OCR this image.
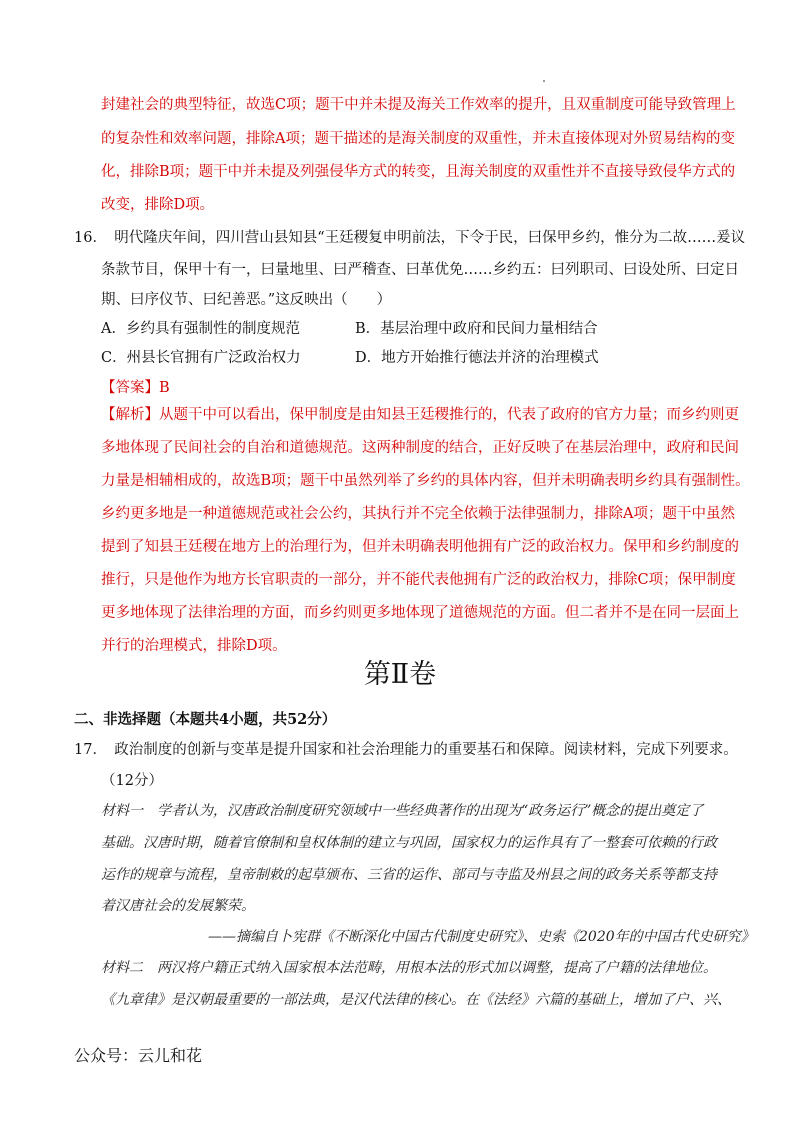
封建社会的典型特征，故选C项；题干中并未提及海关工作效率的提升，且双重制度可能导致管理上
的复杂性和效率问题，排除A项；题干描述的是海关制度的双重性，并未直接体现对外贸易结构的变
化，排除B项；题干中并未提及列强侵华方式的转变，且海关制度的双重性并不直接导致侵华方式的
改变，排除D项。
16．　明代隆庆年间，四川营山县知县“王廷稷复申明前法，下令于民，曰保甲乡约，惟分为二故……爰议
条款节目，保甲十有一，曰量地里、曰严稽查、曰革优免……乡约五：曰列职司、曰设处所、曰定日
期、曰序仪节、曰纪善恶。”这反映出（　　）
A．乡约具有强制性的制度规范	B．基层治理中政府和民间力量相结合
C．州县长官拥有广泛政治权力	D．地方开始推行德法并济的治理模式
【答案】B
【解析】从题干中可以看出，保甲制度是由知县王廷稷推行的，代表了政府的官方力量；而乡约则更
多地体现了民间社会的自治和道德规范。这两种制度的结合，正好反映了在基层治理中，政府和民间
力量是相辅相成的，故选B项；题干中虽然列举了乡约的具体内容，但并未明确表明乡约具有强制性。
乡约更多地是一种道德规范或社会公约，其执行并不完全依赖于法律强制力，排除A项；题干中虽然
提到了知县王廷稷在地方上的治理行为，但并未明确表明他拥有广泛的政治权力。保甲和乡约制度的
推行，只是他作为地方长官职责的一部分，并不能代表他拥有广泛的政治权力，排除C项；保甲制度
更多地体现了法律治理的方面，而乡约则更多地体现了道德规范的方面。但二者并不是在同一层面上
并行的治理模式，排除D项。
第Ⅱ卷
二、非选择题（本题共4小题，共52分）
17．　政治制度的创新与变革是提升国家和社会治理能力的重要基石和保障。阅读材料，完成下列要求。
（12分）
材料一　学者认为，汉唐政治制度研究领域中一些经典著作的出现为“政务运行”概念的提出奠定了
基础。汉唐时期，随着官僚制和皇权体制的建立与巩固，国家权力的运作具有了一整套可依赖的行政
运作的规章与流程，皇帝制敕的起草颁布、三省的运作、部司与寺监及州县之间的政务关系等都支持
着汉唐社会的发展繁荣。
——摘编自卜宪群《不断深化中国古代制度史研究》、史索《2020年的中国古代史研究》
材料二　两汉将户籍正式纳入国家根本法范畴，用根本法的形式加以调整，提高了户籍的法律地位。
《九章律》是汉朝最重要的一部法典，是汉代法律的核心。在《法经》六篇的基础上，增加了户、兴、
公众号：云儿和花
